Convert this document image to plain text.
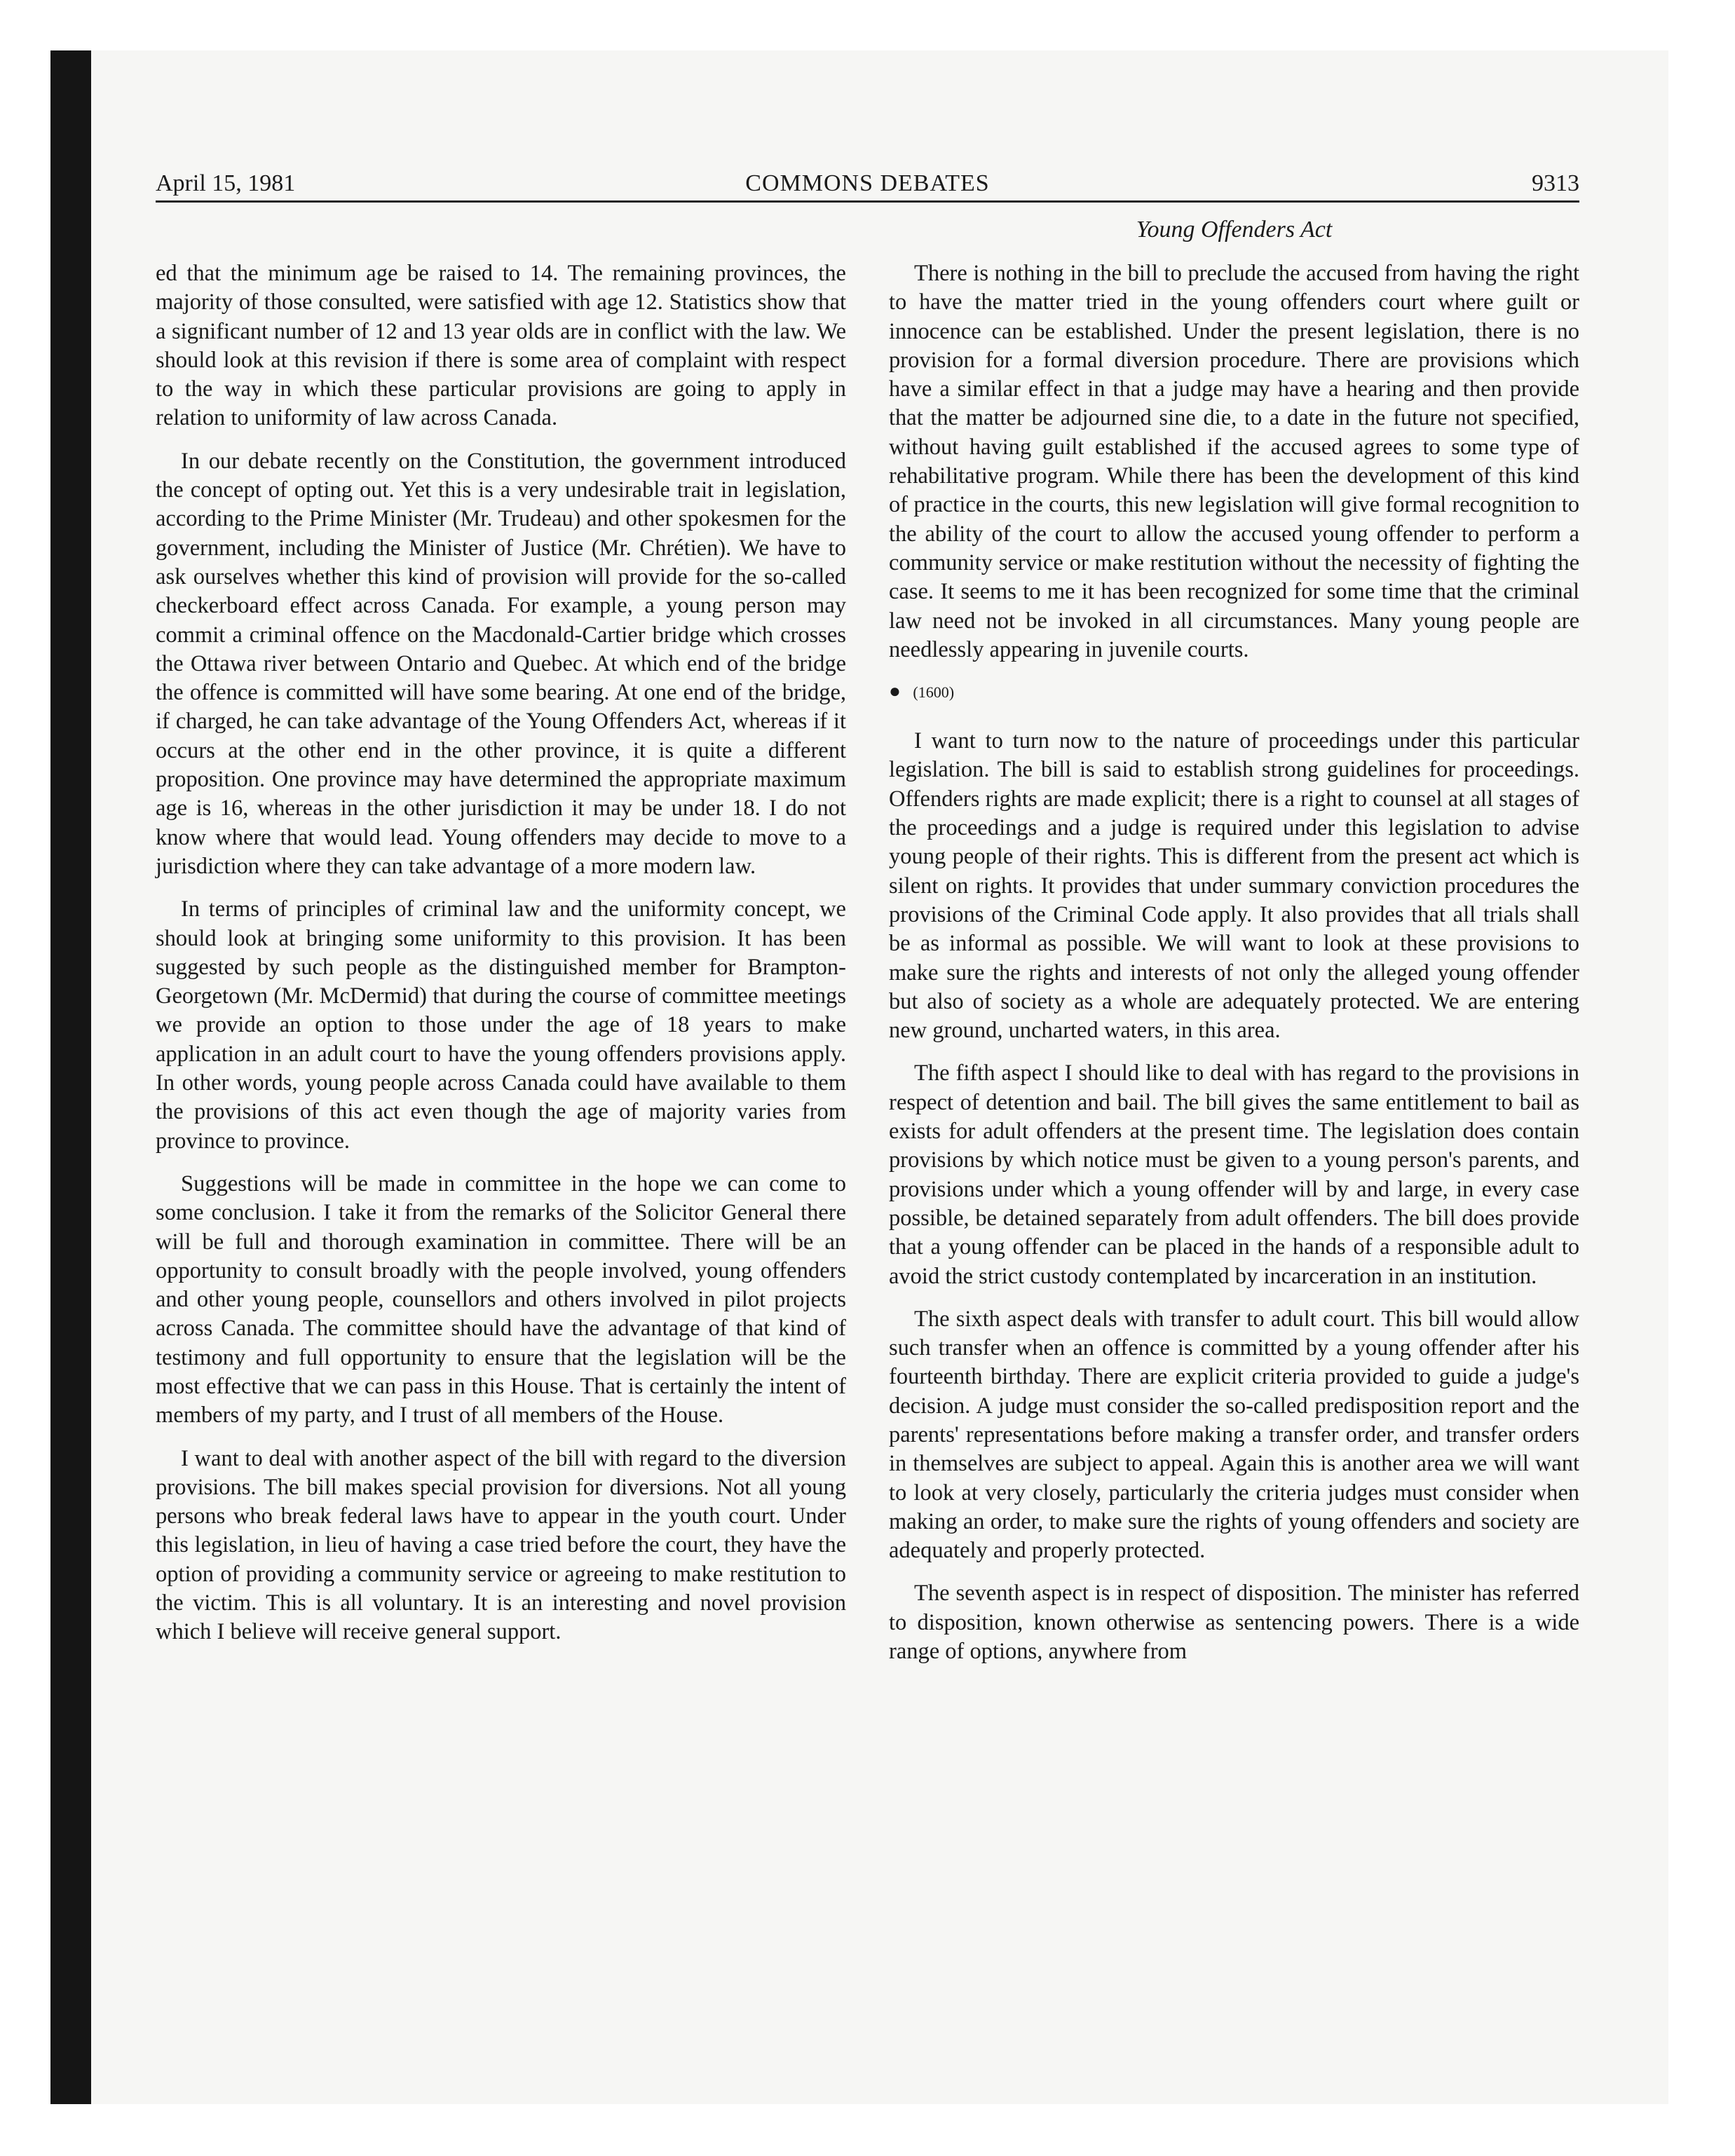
April 15, 1981	COMMONS DEBATES	9313
Young Offenders Act

ed that the minimum age be raised to 14. The remaining provinces, the majority of those consulted, were satisfied with age 12. Statistics show that a significant number of 12 and 13 year olds are in conflict with the law. We should look at this revision if there is some area of complaint with respect to the way in which these particular provisions are going to apply in relation to uniformity of law across Canada.

In our debate recently on the Constitution, the government introduced the concept of opting out. Yet this is a very undesirable trait in legislation, according to the Prime Minister (Mr. Trudeau) and other spokesmen for the government, including the Minister of Justice (Mr. Chrétien). We have to ask ourselves whether this kind of provision will provide for the so-called checkerboard effect across Canada. For example, a young person may commit a criminal offence on the Macdonald-Cartier bridge which crosses the Ottawa river between Ontario and Quebec. At which end of the bridge the offence is committed will have some bearing. At one end of the bridge, if charged, he can take advantage of the Young Offenders Act, whereas if it occurs at the other end in the other province, it is quite a different proposition. One province may have determined the appropriate maximum age is 16, whereas in the other jurisdiction it may be under 18. I do not know where that would lead. Young offenders may decide to move to a jurisdiction where they can take advantage of a more modern law.

In terms of principles of criminal law and the uniformity concept, we should look at bringing some uniformity to this provision. It has been suggested by such people as the distinguished member for Brampton-Georgetown (Mr. McDermid) that during the course of committee meetings we provide an option to those under the age of 18 years to make application in an adult court to have the young offenders provisions apply. In other words, young people across Canada could have available to them the provisions of this act even though the age of majority varies from province to province.

Suggestions will be made in committee in the hope we can come to some conclusion. I take it from the remarks of the Solicitor General there will be full and thorough examination in committee. There will be an opportunity to consult broadly with the people involved, young offenders and other young people, counsellors and others involved in pilot projects across Canada. The committee should have the advantage of that kind of testimony and full opportunity to ensure that the legislation will be the most effective that we can pass in this House. That is certainly the intent of members of my party, and I trust of all members of the House.

I want to deal with another aspect of the bill with regard to the diversion provisions. The bill makes special provision for diversions. Not all young persons who break federal laws have to appear in the youth court. Under this legislation, in lieu of having a case tried before the court, they have the option of providing a community service or agreeing to make restitution to the victim. This is all voluntary. It is an interesting and novel provision which I believe will receive general support.

There is nothing in the bill to preclude the accused from having the right to have the matter tried in the young offenders court where guilt or innocence can be established. Under the present legislation, there is no provision for a formal diversion procedure. There are provisions which have a similar effect in that a judge may have a hearing and then provide that the matter be adjourned sine die, to a date in the future not specified, without having guilt established if the accused agrees to some type of rehabilitative program. While there has been the development of this kind of practice in the courts, this new legislation will give formal recognition to the ability of the court to allow the accused young offender to perform a community service or make restitution without the necessity of fighting the case. It seems to me it has been recognized for some time that the criminal law need not be invoked in all circumstances. Many young people are needlessly appearing in juvenile courts.

● (1600)

I want to turn now to the nature of proceedings under this particular legislation. The bill is said to establish strong guidelines for proceedings. Offenders rights are made explicit; there is a right to counsel at all stages of the proceedings and a judge is required under this legislation to advise young people of their rights. This is different from the present act which is silent on rights. It provides that under summary conviction procedures the provisions of the Criminal Code apply. It also provides that all trials shall be as informal as possible. We will want to look at these provisions to make sure the rights and interests of not only the alleged young offender but also of society as a whole are adequately protected. We are entering new ground, uncharted waters, in this area.

The fifth aspect I should like to deal with has regard to the provisions in respect of detention and bail. The bill gives the same entitlement to bail as exists for adult offenders at the present time. The legislation does contain provisions by which notice must be given to a young person's parents, and provisions under which a young offender will by and large, in every case possible, be detained separately from adult offenders. The bill does provide that a young offender can be placed in the hands of a responsible adult to avoid the strict custody contemplated by incarceration in an institution.

The sixth aspect deals with transfer to adult court. This bill would allow such transfer when an offence is committed by a young offender after his fourteenth birthday. There are explicit criteria provided to guide a judge's decision. A judge must consider the so-called predisposition report and the parents' representations before making a transfer order, and transfer orders in themselves are subject to appeal. Again this is another area we will want to look at very closely, particularly the criteria judges must consider when making an order, to make sure the rights of young offenders and society are adequately and properly protected.

The seventh aspect is in respect of disposition. The minister has referred to disposition, known otherwise as sentencing powers. There is a wide range of options, anywhere from
